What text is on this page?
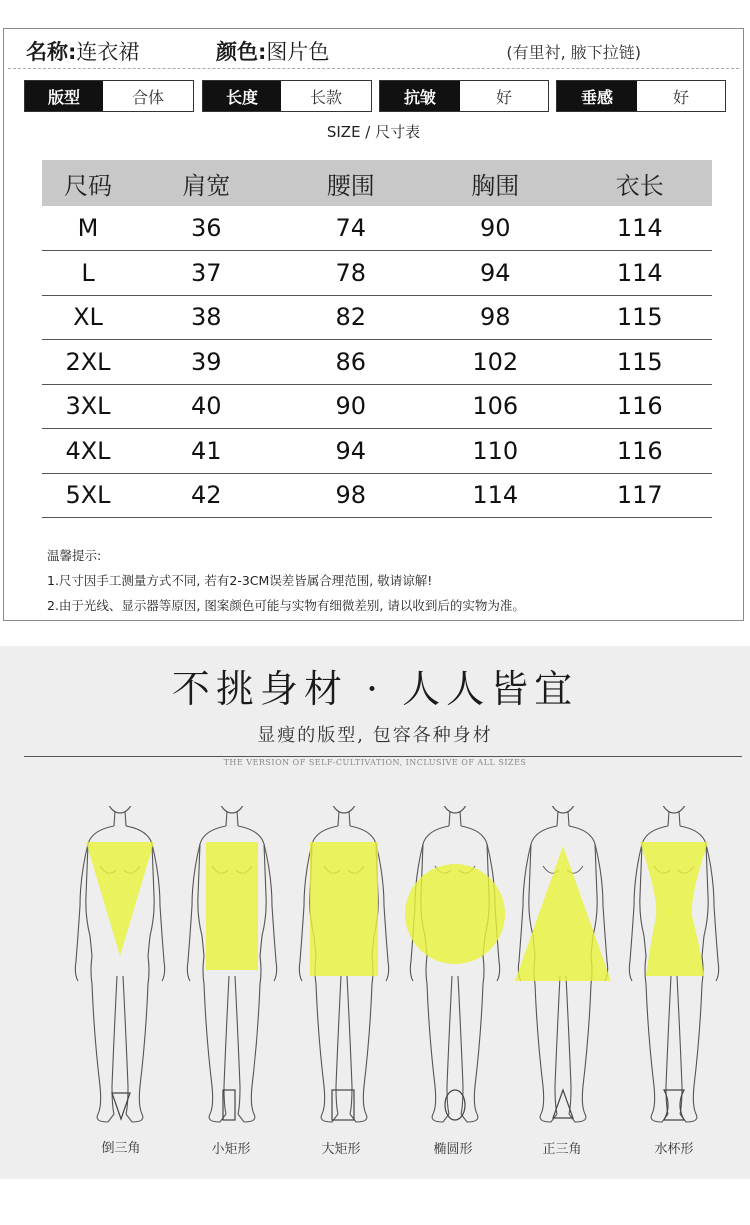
名称:连衣裙	颜色:图片色	(有里衬, 腋下拉链)
版型	合体	长度	长款	抗皱	好	垂感	好
SIZE / 尺寸表
尺码	肩宽	腰围	胸围	衣长
M	36	74	90	114
L	37	78	94	114
XL	38	82	98	115
2XL	39	86	102	115
3XL	40	90	106	116
4XL	41	94	110	116
5XL	42	98	114	117
温馨提示:
1.尺寸因手工测量方式不同, 若有2-3CM误差皆属合理范围, 敬请谅解!
2.由于光线、显示器等原因, 图案颜色可能与实物有细微差别, 请以收到后的实物为准。
不挑身材 · 人人皆宜
显瘦的版型, 包容各种身材
THE VERSION OF SELF-CULTIVATION, INCLUSIVE OF ALL SIZES
倒三角	小矩形	大矩形	椭圆形	正三角	水杯形
